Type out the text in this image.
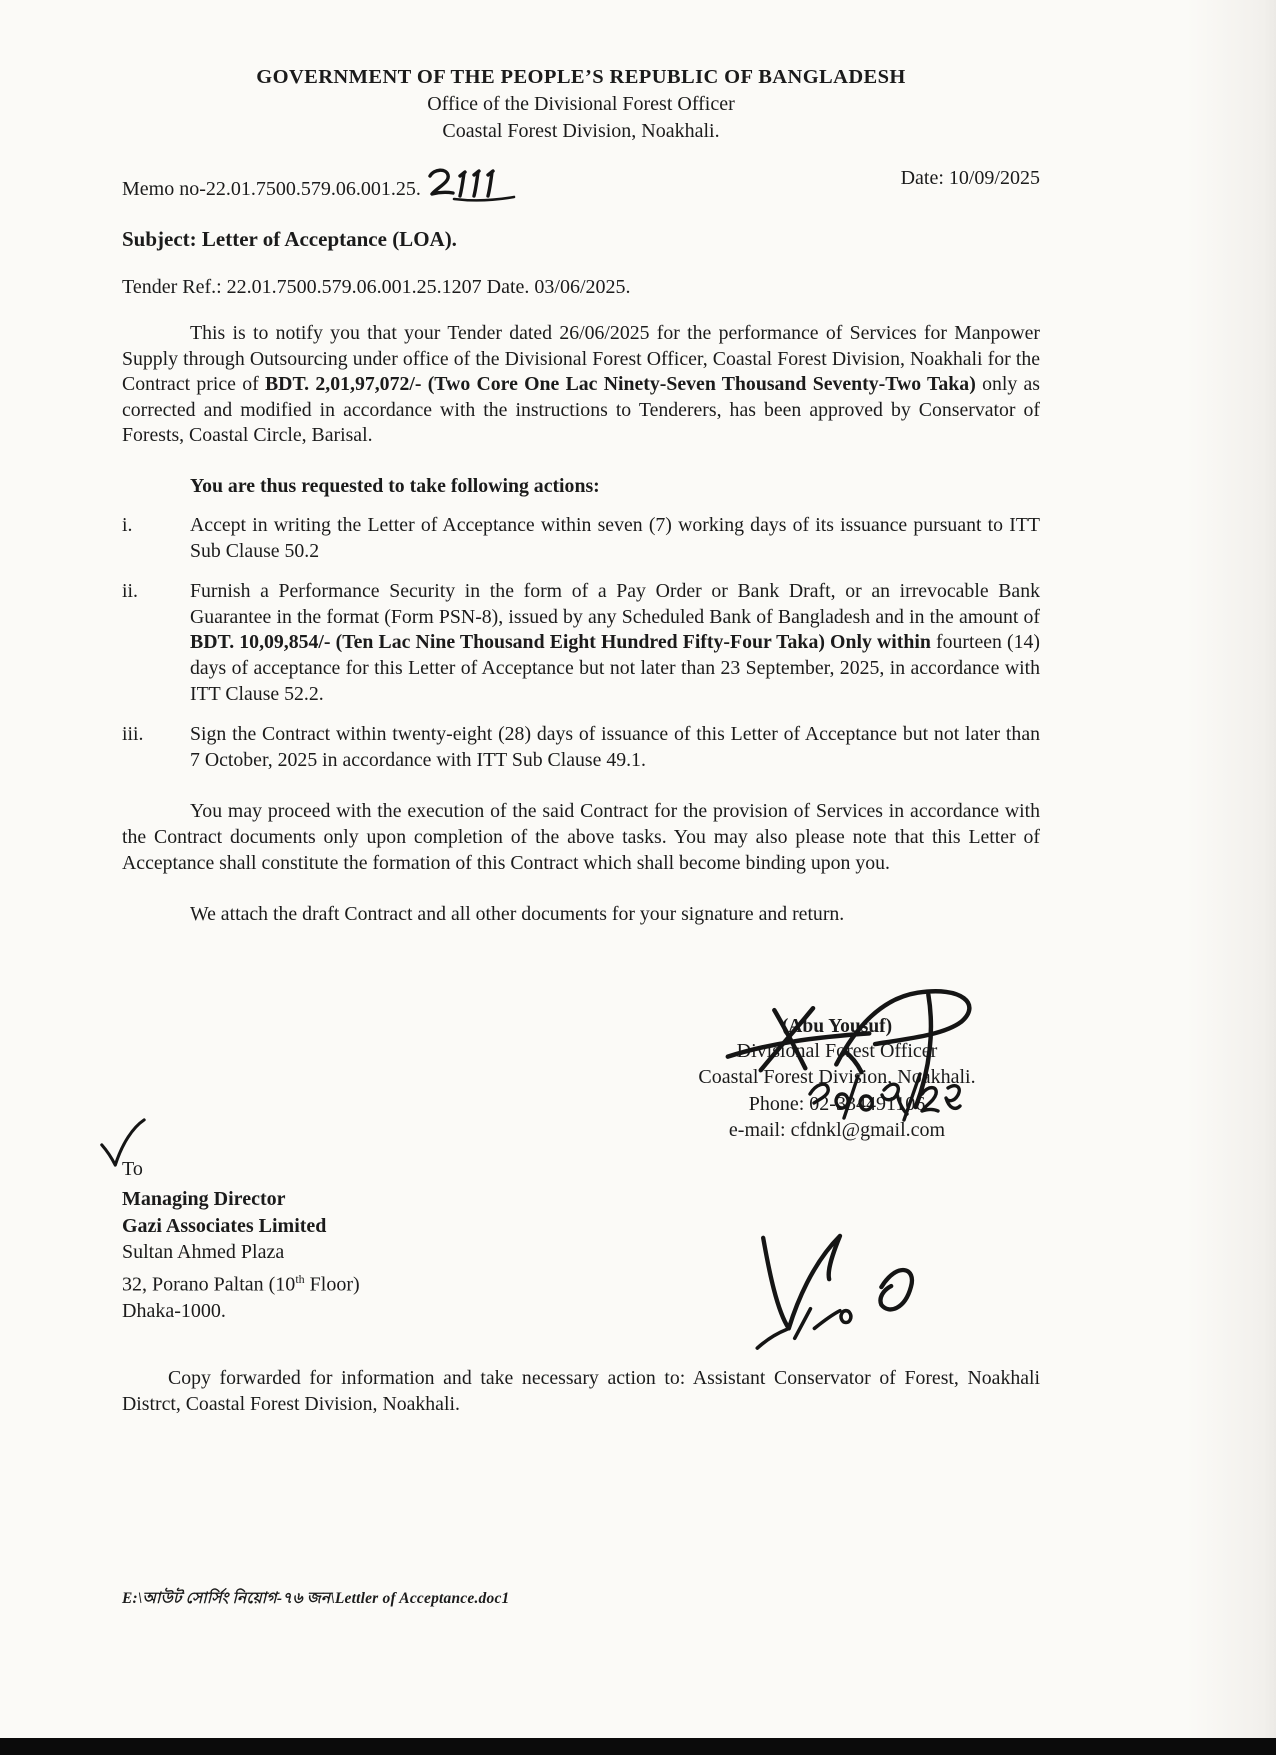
GOVERNMENT OF THE PEOPLE’S REPUBLIC OF BANGLADESH
Office of the Divisional Forest Officer
Coastal Forest Division, Noakhali.
Memo no-22.01.7500.579.06.001.25.	Date: 10/09/2025
Subject: Letter of Acceptance (LOA).
Tender Ref.: 22.01.7500.579.06.001.25.1207 Date. 03/06/2025.
This is to notify you that your Tender dated 26/06/2025 for the performance of Services for Manpower Supply through Outsourcing under office of the Divisional Forest Officer, Coastal Forest Division, Noakhali for the Contract price of BDT. 2,01,97,072/- (Two Core One Lac Ninety-Seven Thousand Seventy-Two Taka) only as corrected and modified in accordance with the instructions to Tenderers, has been approved by Conservator of Forests, Coastal Circle, Barisal.
You are thus requested to take following actions:
i.	Accept in writing the Letter of Acceptance within seven (7) working days of its issuance pursuant to ITT Sub Clause 50.2
ii.	Furnish a Performance Security in the form of a Pay Order or Bank Draft, or an irrevocable Bank Guarantee in the format (Form PSN-8), issued by any Scheduled Bank of Bangladesh and in the amount of BDT. 10,09,854/- (Ten Lac Nine Thousand Eight Hundred Fifty-Four Taka) Only within fourteen (14) days of acceptance for this Letter of Acceptance but not later than 23 September, 2025, in accordance with ITT Clause 52.2.
iii.	Sign the Contract within twenty-eight (28) days of issuance of this Letter of Acceptance but not later than 7 October, 2025 in accordance with ITT Sub Clause 49.1.
You may proceed with the execution of the said Contract for the provision of Services in accordance with the Contract documents only upon completion of the above tasks. You may also please note that this Letter of Acceptance shall constitute the formation of this Contract which shall become binding upon you.
We attach the draft Contract and all other documents for your signature and return.
(Abu Yousuf)
Divisional Forest Officer
Coastal Forest Division, Noakhali.
Phone: 02-334491106
e-mail: cfdnkl@gmail.com
To
Managing Director
Gazi Associates Limited
Sultan Ahmed Plaza
32, Porano Paltan (10th Floor)
Dhaka-1000.
Copy forwarded for information and take necessary action to: Assistant Conservator of Forest, Noakhali Distrct, Coastal Forest Division, Noakhali.
E:\আউট সোর্সিং নিয়োগ-৭৬ জন\Lettler of Acceptance.doc1
